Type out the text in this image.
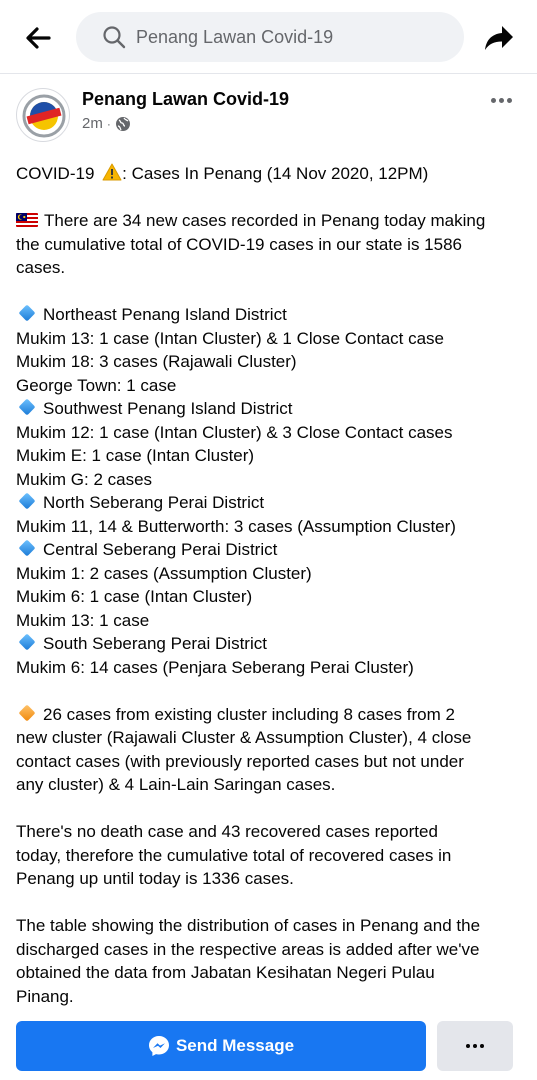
Penang Lawan Covid-19
Penang Lawan Covid-19
2m ·
COVID-19 : Cases In Penang (14 Nov 2020, 12PM)
There are 34 new cases recorded in Penang today making
the cumulative total of COVID-19 cases in our state is 1586
cases.
Northeast Penang Island District
Mukim 13: 1 case (Intan Cluster) & 1 Close Contact case
Mukim 18: 3 cases (Rajawali Cluster)
George Town: 1 case
Southwest Penang Island District
Mukim 12: 1 case (Intan Cluster) & 3 Close Contact cases
Mukim E: 1 case (Intan Cluster)
Mukim G: 2 cases
North Seberang Perai District
Mukim 11, 14 & Butterworth: 3 cases (Assumption Cluster)
Central Seberang Perai District
Mukim 1: 2 cases (Assumption Cluster)
Mukim 6: 1 case (Intan Cluster)
Mukim 13: 1 case
South Seberang Perai District
Mukim 6: 14 cases (Penjara Seberang Perai Cluster)
26 cases from existing cluster including 8 cases from 2
new cluster (Rajawali Cluster & Assumption Cluster), 4 close
contact cases (with previously reported cases but not under
any cluster) & 4 Lain-Lain Saringan cases.
There's no death case and 43 recovered cases reported
today, therefore the cumulative total of recovered cases in
Penang up until today is 1336 cases.
The table showing the distribution of cases in Penang and the
discharged cases in the respective areas is added after we've
obtained the data from Jabatan Kesihatan Negeri Pulau
Pinang.
Send Message
